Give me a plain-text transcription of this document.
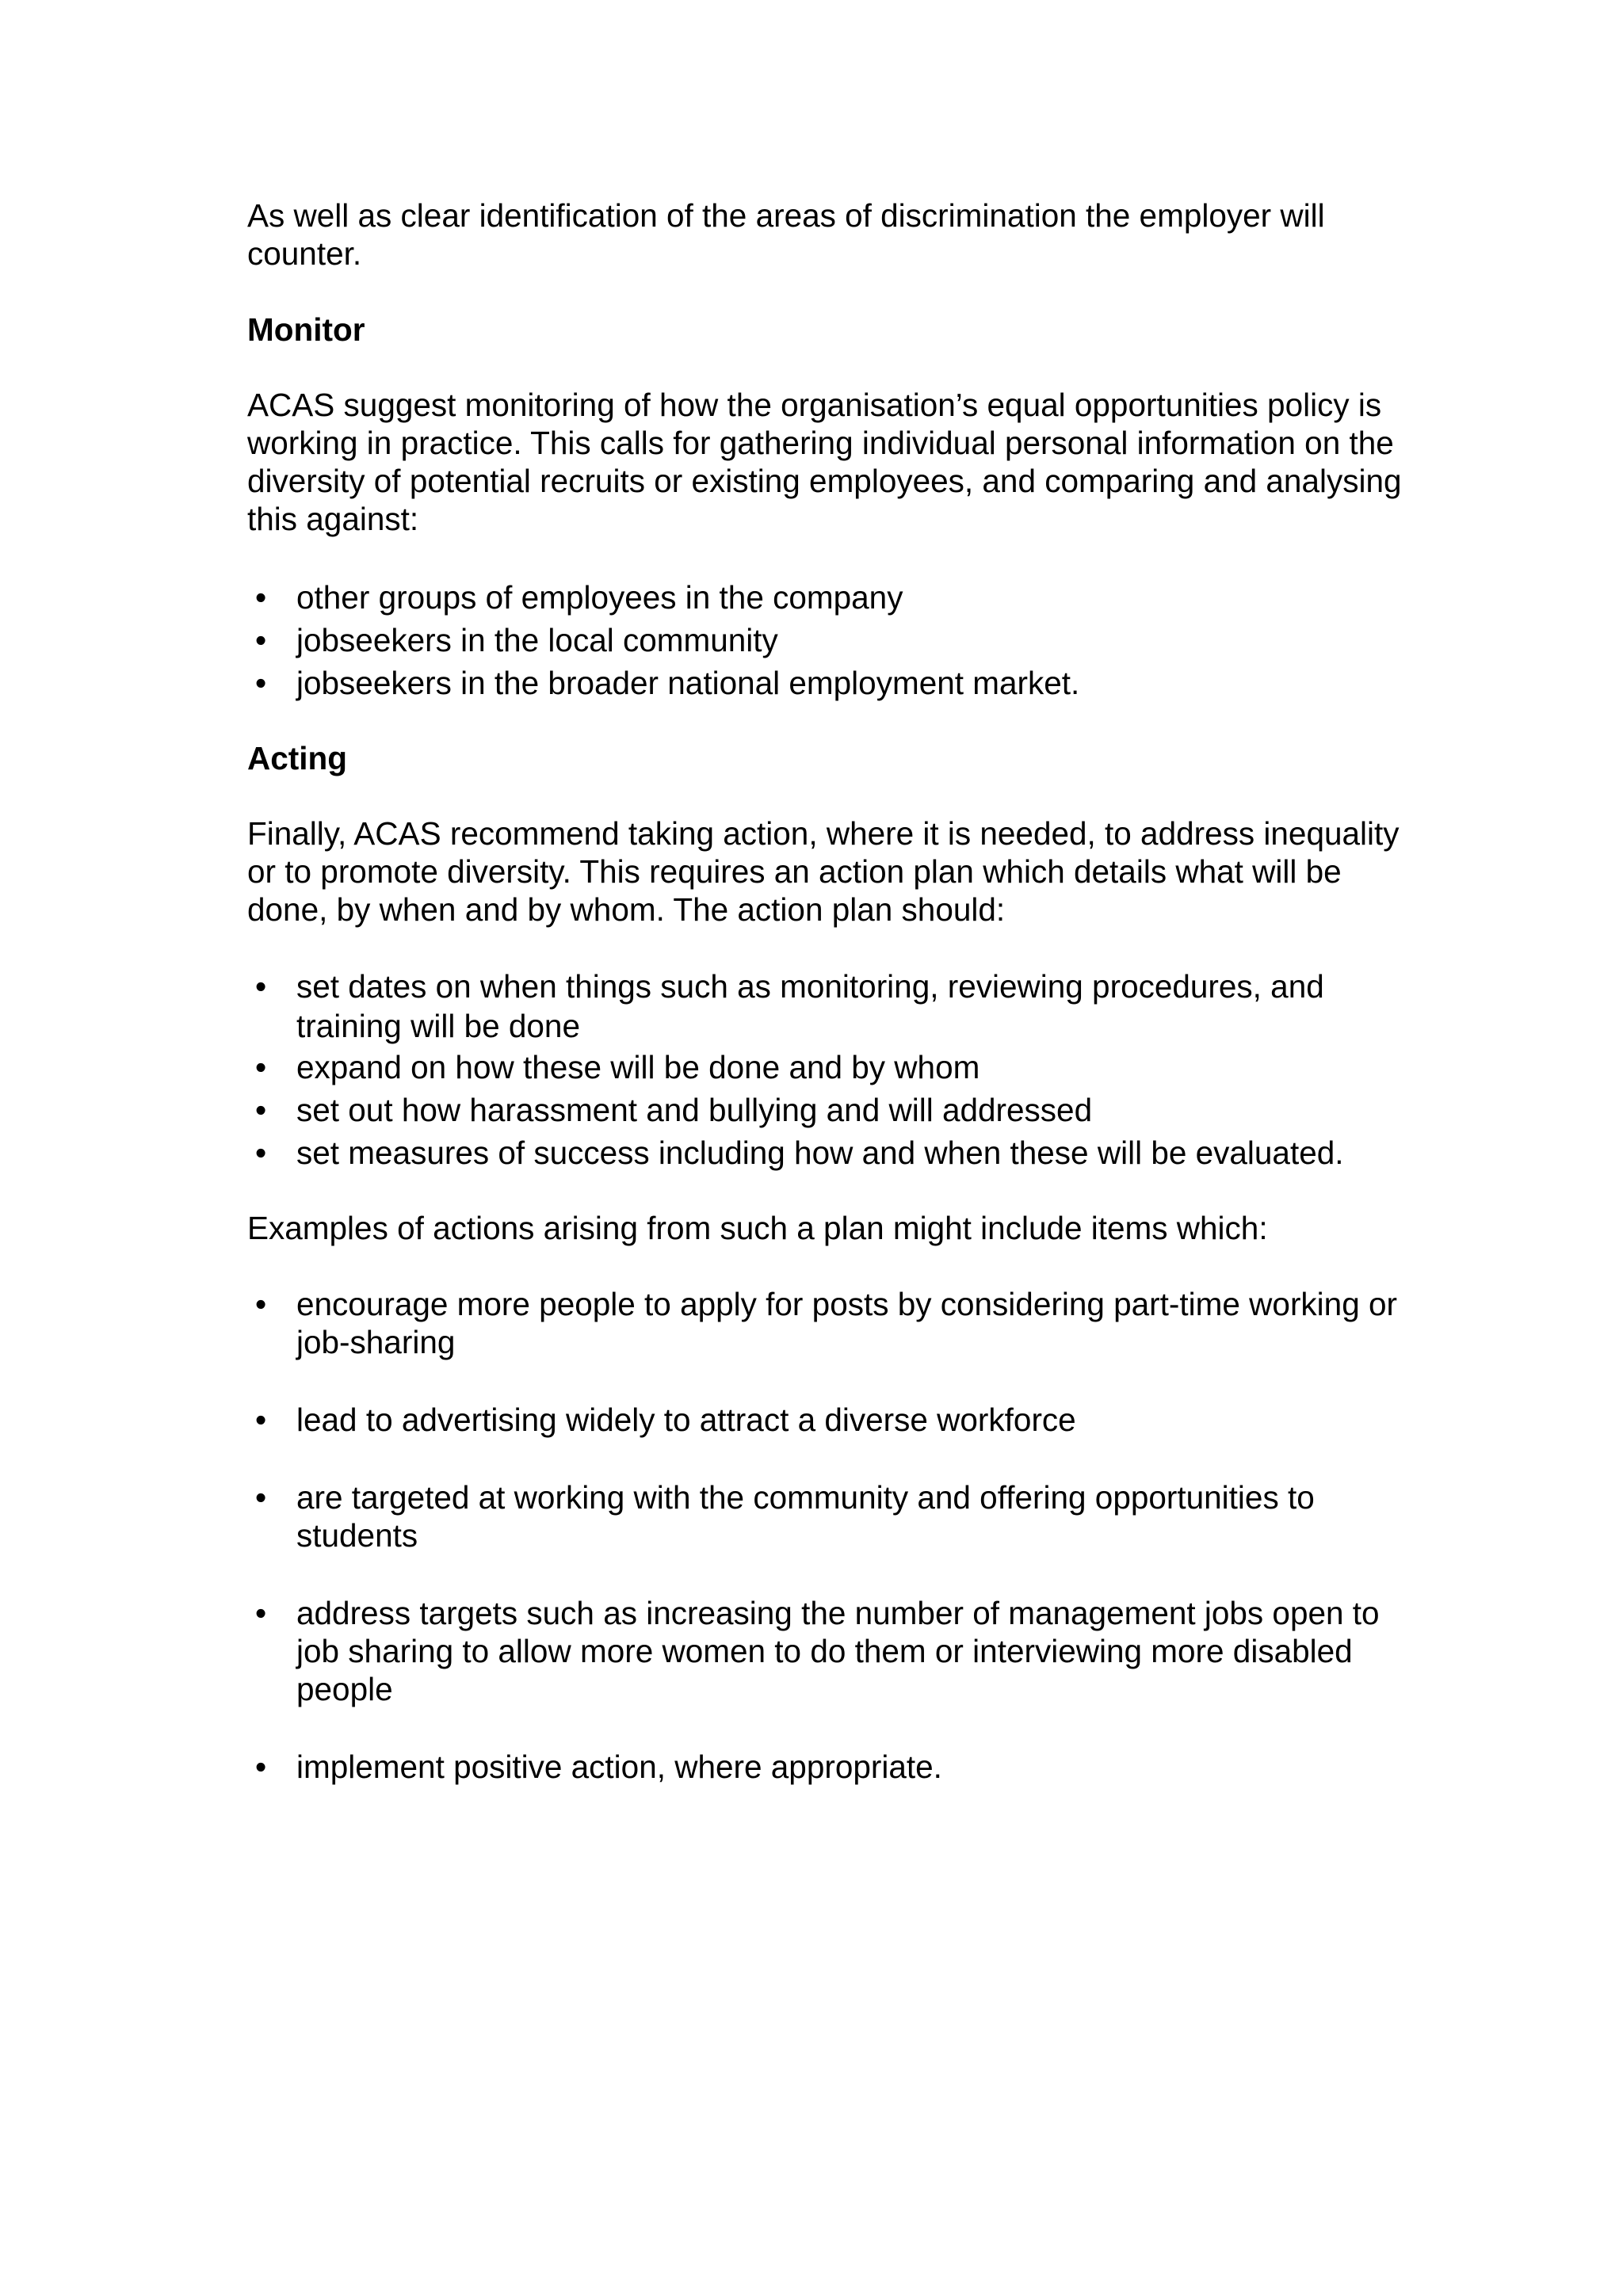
As well as clear identification of the areas of discrimination the employer will counter.

Monitor

ACAS suggest monitoring of how the organisation’s equal opportunities policy is working in practice. This calls for gathering individual personal information on the diversity of potential recruits or existing employees, and comparing and analysing this against:

• other groups of employees in the company
• jobseekers in the local community
• jobseekers in the broader national employment market.
Acting

Finally, ACAS recommend taking action, where it is needed, to address inequality or to promote diversity. This requires an action plan which details what will be done, by when and by whom. The action plan should:

• set dates on when things such as monitoring, reviewing procedures, and training will be done
• expand on how these will be done and by whom
• set out how harassment and bullying and will addressed
• set measures of success including how and when these will be evaluated.

Examples of actions arising from such a plan might include items which:

• encourage more people to apply for posts by considering part-time working or job-sharing
• lead to advertising widely to attract a diverse workforce
• are targeted at working with the community and offering opportunities to students
• address targets such as increasing the number of management jobs open to job sharing to allow more women to do them or interviewing more disabled people
• implement positive action, where appropriate.
